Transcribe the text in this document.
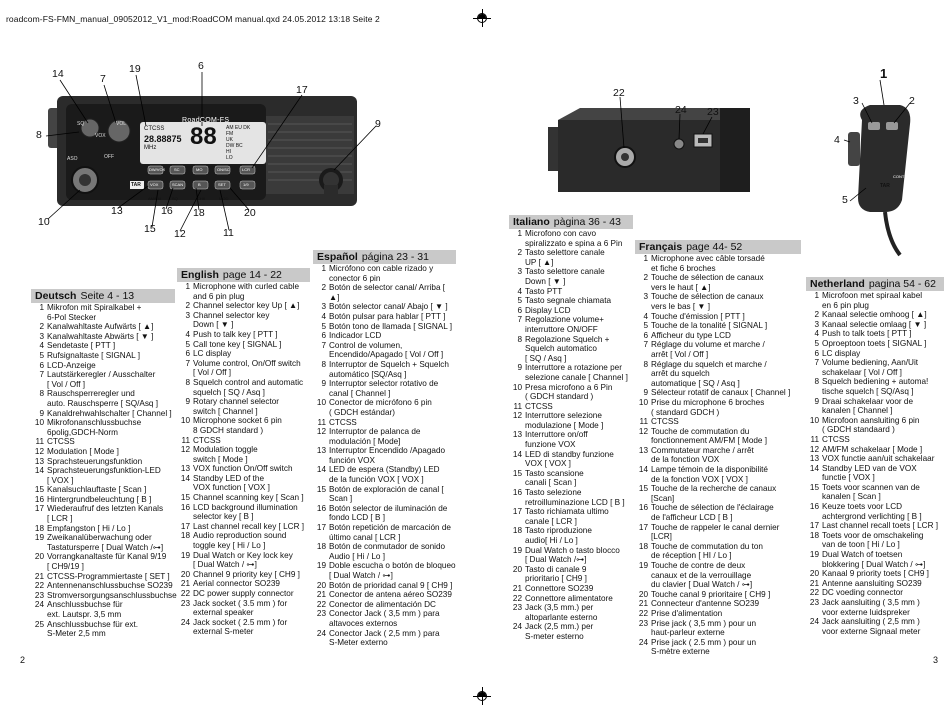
roadcom-FS-FMN_manual_09052012_V1_mod:RoadCOM manual.qxd 24.05.2012 13:18 Seite 2
RoadCOM-FS
CTCSS
28.88875
MHz 88 AM EU DK
FM
UK
DW BC
HI
LO
SQ	VOL
VOX
OFF
ASO
TAR	TAR
CONTROL
DW/VOX SC	MO	ON/SC	LCR
VOX	SCAN	B	SET	1/9
AM/FM	SQ	CH9	MOD
14	19	6
7
8
17
9
10
13	16 18	20
15 12	11
22
24 23
1
3	2
4
5
Deutsch Seite 4 - 13
1 Mikrofon mit Spiralkabel +
6-Pol Stecker
2 Kanalwahltaste Aufwärts [ ▲]
3 Kanalwahltaste Abwärts [ ▼ ]
4 Sendetaste [ PTT ]
5 Rufsignaltaste [ SIGNAL ]
6 LCD-Anzeige
7 Lautstärkeregler / Ausschalter
[ Vol / Off ]
8 Rauschsperreregler und
auto. Rauschsperre [ SQ/Asq ]
9 Kanaldrehwahlschalter [ Channel ]
10 Mikrofonanschlussbuchse
6polig,GDCH-Norm
11 CTCSS
12 Modulation [ Mode ]
13 Sprachsteuerungsfunktion
14 Sprachsteuerungsfunktion-LED
[ VOX ]
15 Kanalsuchlauftaste [ Scan ]
16 Hintergrundbeleuchtung [ B ]
17 Wiederaufruf des letzten Kanals
[ LCR ]
18 Empfangston [ Hi / Lo ]
19 Zweikanalüberwachung oder
Tastatursperre [ Dual Watch /⊶]
20 Vorrangkanaltaste für Kanal 9/19
[ CH9/19 ]
21 CTCSS-Programmiertaste [ SET ]
22 Antennenanschlussbuchse SO239
23 Stromversorgungsanschlussbuchse
24 Anschlussbuchse für
ext. Lautspr. 3,5 mm
25 Anschlussbuchse für ext.
S-Meter 2,5 mm
English page 14 - 22
1 Microphone with curled cable
and 6 pin plug
2 Channel selector key Up [ ▲]
3 Channel selector key
Down [ ▼ ]
4 Push to talk key [ PTT ]
5 Call tone key [ SIGNAL ]
6 LC display
7 Volume control, On/Off switch
[ Vol / Off ]
8 Squelch control and automatic
squelch [ SQ / Asq ]
9 Rotary channel selector
switch [ Channel ]
10 Microphone socket 6 pin
8 GDCH standard )
11 CTCSS
12 Modulation toggle
switch [ Mode ]
13 VOX function On/Off switch
14 Standby LED of the
VOX function [ VOX ]
15 Channel scanning key [ Scan ]
16 LCD background illumination
selector key [ B ]
17 Last channel recall key [ LCR ]
18 Audio reproduction sound
toggle key [ Hi / Lo ]
19 Dual Watch or Key lock key
[ Dual Watch / ⊶]
20 Channel 9 priority key [ CH9 ]
21 Aerial connector SO239
22 DC power supply connector
23 Jack socket ( 3.5 mm ) for
external speaker
24 Jack socket ( 2.5 mm ) for
external S-meter
Español página 23 - 31
1 Micrófono con cable rizado y
conector 6 pin
2 Botón de selector canal/ Arriba [ ▲]
3 Botón selector canal/ Abajo [ ▼ ]
4 Botón pulsar para hablar [ PTT ]
5 Botón tono de llamada [ SIGNAL ]
6 Indicador LCD
7 Control de volumen,
Encendido/Apagado [ Vol / Off ]
8 Interruptor de Squelch + Squelch
automático [SQ/Asq ]
9 Interruptor selector rotativo de
canal [ Channel ]
10 Conector de micrófono 6 pin
( GDCH estándar)
11 CTCSS
12 Interruptor de palanca de
modulación [ Mode]
13 Interruptor Encendido /Apagado
función VOX
14 LED de espera (Standby) LED
de la función VOX [ VOX ]
15 Botón de exploración de canal [
Scan ]
16 Botón selector de iluminación de
fondo LCD [ B ]
17 Botón repetición de marcación de
último canal [ LCR ]
18 Botón de conmutador de sonido
Audio [ Hi / Lo ]
19 Doble escucha o botón de bloqueo
[ Dual Watch / ⊶]
20 Botón de prioridad canal 9 [ CH9 ]
21 Conector de antena aéreo SO239
22 Conector de alimentación DC
23 Conector Jack ( 3,5 mm ) para
altavoces externos
24 Conector Jack ( 2,5 mm ) para
S-Meter externo
Italiano pàgina 36 - 43
1 Microfono con cavo
spiralizzato e spina a 6 Pin
2 Tasto selettore canale
UP [ ▲]
3 Tasto selettore canale
Down [ ▼ ]
4 Tasto PTT
5 Tasto segnale chiamata
6 Display LCD
7 Regolazione volume+
interruttore ON/OFF
8 Regolazione Squelch +
Squelch automatico
[ SQ / Asq ]
9 Interruttore a rotazione per
selezione canale [ Channel ]
10 Presa microfono a 6 Pin
( GDCH standard )
11 CTCSS
12 Interruttore selezione
modulazione [ Mode ]
13 Interruttore on/off
funzione VOX
14 LED di standby funzione
VOX [ VOX ]
15 Tasto scansione
canali [ Scan ]
16 Tasto selezione
retroilluminazione LCD [ B ]
17 Tasto richiamata ultimo
canale [ LCR ]
18 Tasto riproduzione
audio[ Hi / Lo ]
19 Dual Watch o tasto blocco
[ Dual Watch /⊶]
20 Tasto di canale 9
prioritario [ CH9 ]
21 Connettore SO239
22 Connettore alimentatore
23 Jack (3,5 mm.) per
altoparlante esterno
24 Jack (2,5 mm.) per
S-meter esterno
Français page 44- 52
1 Microphone avec câble torsadé
et fiche 6 broches
2 Touche de sélection de canaux
vers le haut [ ▲]
3 Touche de sélection de canaux
vers le bas [ ▼ ]
4 Touche d'émission [ PTT ]
5 Touche de la tonalité [ SIGNAL ]
6 Afficheur du type LCD
7 Réglage du volume et marche /
arrêt [ Vol / Off ]
8 Réglage du squelch et marche /
arrêt du squelch
automatique [ SQ / Asq ]
9 Sélecteur rotatif de canaux [ Channel ]
10 Prise du microphone 6 broches
( standard GDCH )
11 CTCSS
12 Touche de commutation du
fonctionnement AM/FM [ Mode ]
13 Commutateur marche / arrêt
de la fonction VOX
14 Lampe témoin de la disponibilité
de la fonction VOX [ VOX ]
15 Touche de la recherche de canaux [Scan]
16 Touche de sélection de l'éclairage
de l'afficheur LCD [ B ]
17 Touche de rappeler le canal dernier [LCR]
18 Touche de commutation du ton
de réception [ HI / Lo ]
19 Touche de contre de deux
canaux et de la verrouillage
du clavier [ Dual Watch / ⊶]
20 Touche canal 9 prioritaire [ CH9 ]
21 Connecteur d'antenne SO239
22 Prise d'alimentation
23 Prise jack ( 3,5 mm ) pour un
haut-parleur externe
24 Prise jack ( 2.5 mm ) pour un
S-mètre externe
Netherland pagina 54 - 62
1 Microfoon met spiraal kabel
en 6 pin plug
2 Kanaal selectie omhoog [ ▲]
3 Kanaal selectie omlaag [ ▼ ]
4 Push to talk toets [ PTT ]
5 Oproeptoon toets [ SIGNAL ]
6 LC display
7 Volume bediening, Aan/Uit
schakelaar [ Vol / Off ]
8 Squelch bediening + automa!
tische squelch [ SQ/Asq ]
9 Draai schakelaar voor de
kanalen [ Channel ]
10 Microfoon aansluiting 6 pin
( GDCH standaard )
11 CTCSS
12 AM/FM schakelaar [ Mode ]
13 VOX functie aan/uit schakelaar
14 Standby LED van de VOX
functie [ VOX ]
15 Toets voor scannen van de
kanalen [ Scan ]
16 Keuze toets voor LCD
achtergrond verlichting [ B ]
17 Last channel recall toets [ LCR ]
18 Toets voor de omschakeling
van de toon [ Hi / Lo ]
19 Dual Watch of toetsen
blokkering [ Dual Watch / ⊶]
20 Kanaal 9 priority toets [ CH9 ]
21 Antenne aansluiting SO239
22 DC voeding connector
23 Jack aansluiting ( 3,5 mm )
voor externe luidspreker
24 Jack aansluiting ( 2,5 mm )
voor externe Signaal meter
2	3
